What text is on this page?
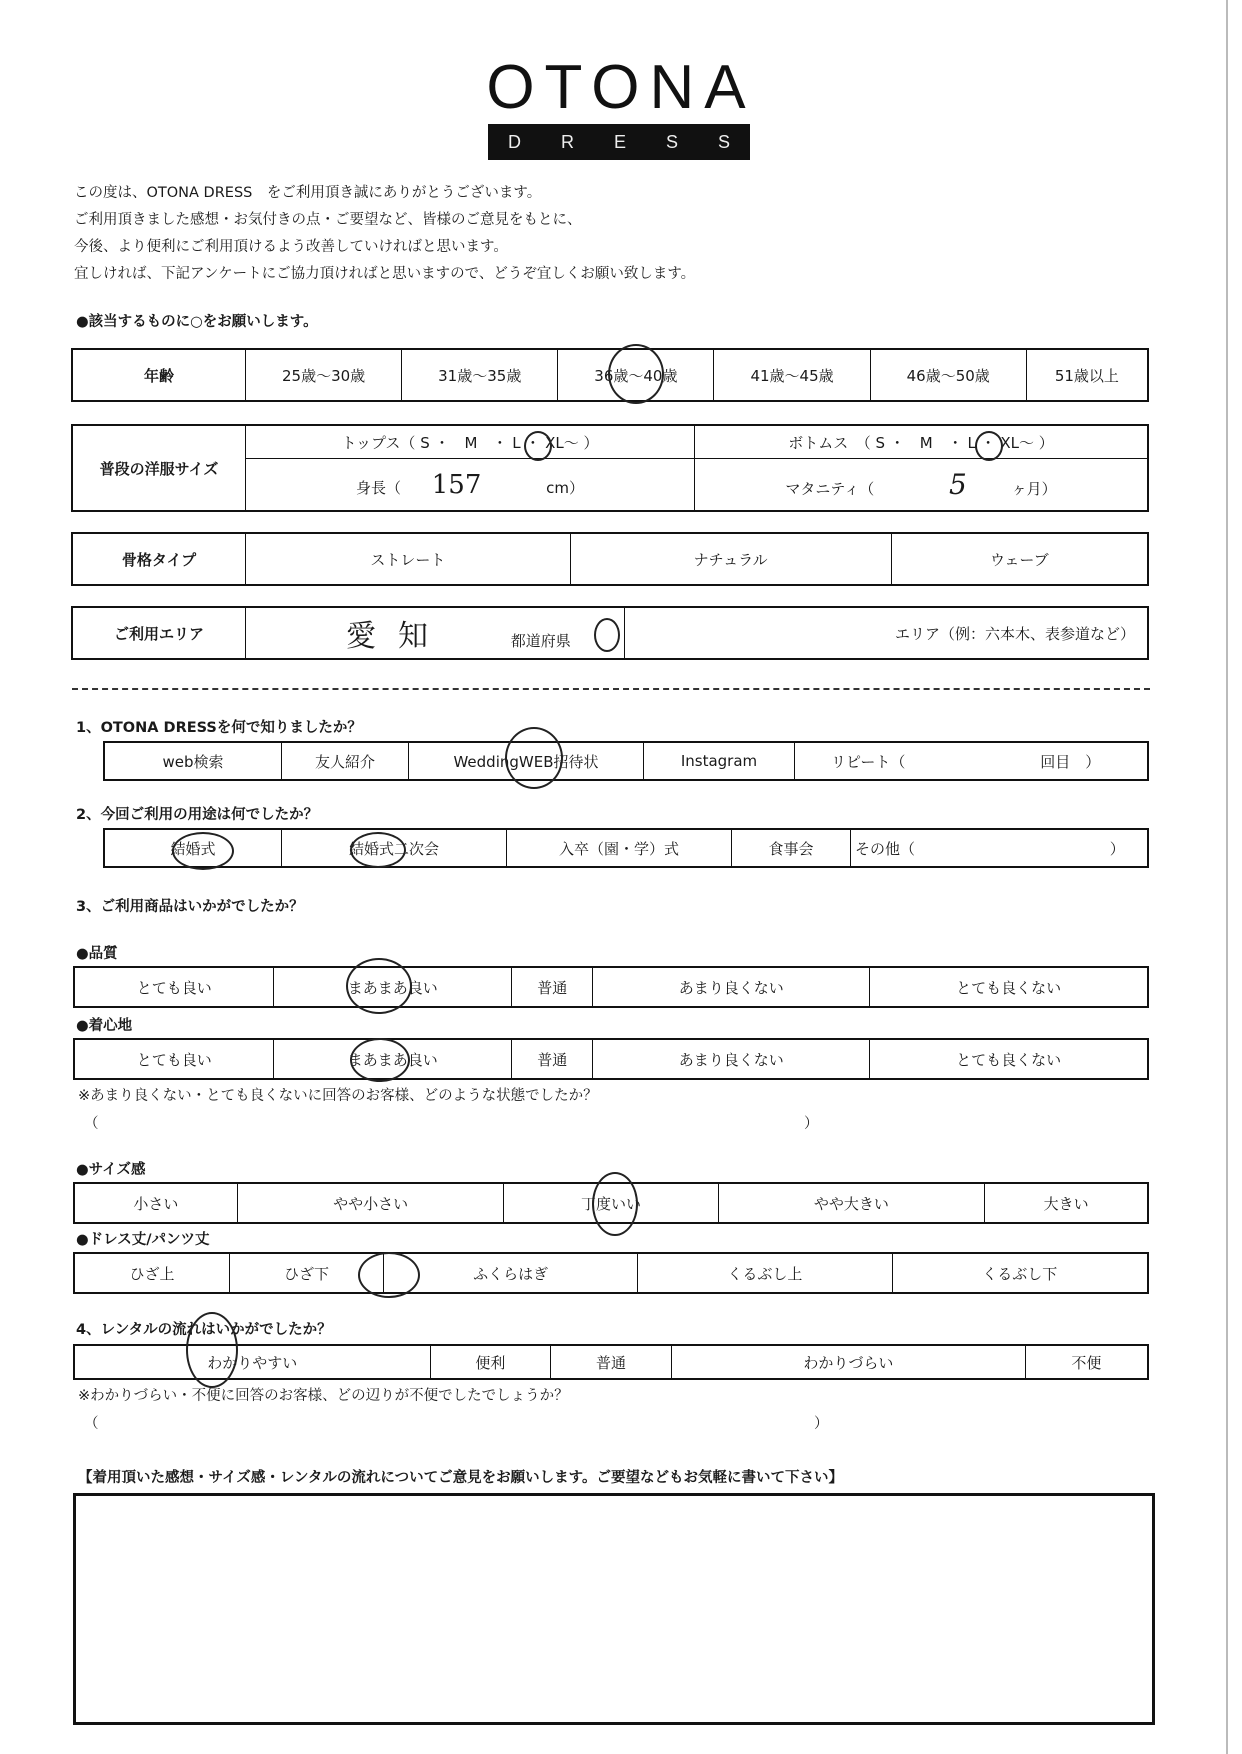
OTONA
D R E S S
この度は、OTONA DRESS　をご利用頂き誠にありがとうございます。
ご利用頂きました感想・お気付きの点・ご要望など、皆様のご意見をもとに、
今後、より便利にご利用頂けるよう改善していければと思います。
宜しければ、下記アンケートにご協力頂ければと思いますので、どうぞ宜しくお願い致します。
●該当するものに○をお願いします。
年齢	25歳～30歳	31歳～35歳	36歳～40歳	41歳～45歳	46歳～50歳	51歳以上
普段の洋服サイズ	トップス（ S ・　M　・ L ・ XL～ ）	ボトムス　（ S ・　M　・ L ・ XL～ ）
	身長（ 157 cm）	マタニティ（ 5 ヶ月）
骨格タイプ	ストレート	ナチュラル	ウェーブ
ご利用エリア	愛知	都道府県	エリア（例：六本木、表参道など）
1、OTONA DRESSを何で知りましたか？
web検索	友人紹介	WeddingWEB招待状	Instagram	リピート（	回目　）
2、今回ご利用の用途は何でしたか？
結婚式	結婚式二次会	入卒（園・学）式	食事会	その他（	）
3、ご利用商品はいかがでしたか？
●品質
とても良い	まあまあ良い	普通	あまり良くない	とても良くない
●着心地
とても良い	まあまあ良い	普通	あまり良くない	とても良くない
※あまり良くない・とても良くないに回答のお客様、どのような状態でしたか？
（	）
●サイズ感
小さい	やや小さい	丁度いい	やや大きい	大きい
●ドレス丈/パンツ丈
ひざ上	ひざ下	ふくらはぎ	くるぶし上	くるぶし下
4、レンタルの流れはいかがでしたか？
わかりやすい	便利	普通	わかりづらい	不便
※わかりづらい・不便に回答のお客様、どの辺りが不便でしたでしょうか？
（	）
【着用頂いた感想・サイズ感・レンタルの流れについてご意見をお願いします。ご要望などもお気軽に書いて下さい】
